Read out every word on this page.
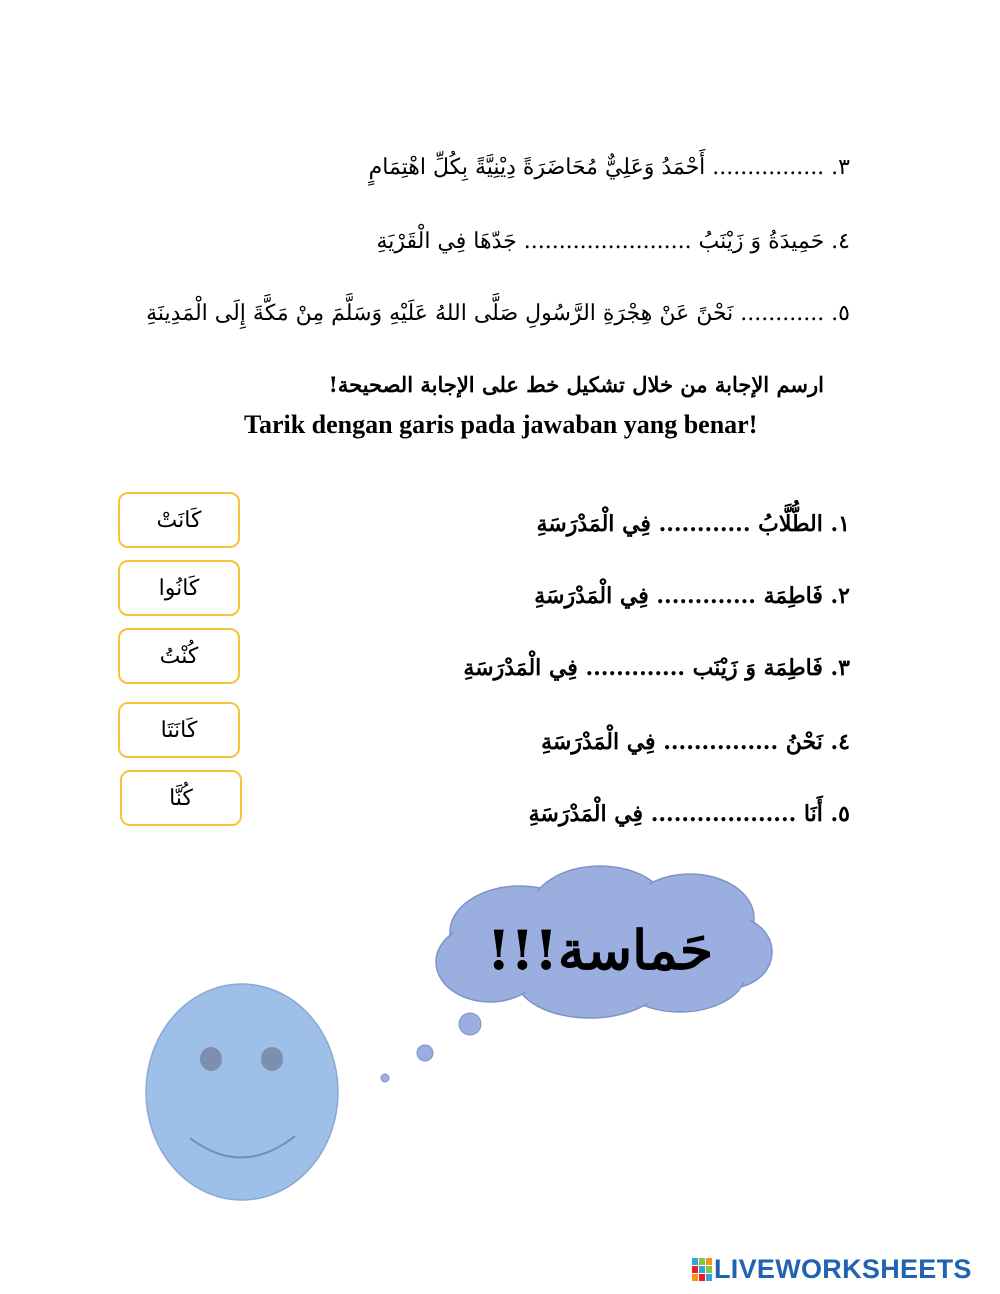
٣. ................ أَحْمَدُ وَعَلِيٌّ مُحَاضَرَةً دِيْنِيَّةً بِكُلِّ اهْتِمَامٍ
٤. حَمِيدَةُ وَ زَيْنَبُ ........................ جَدّهَا فِي الْقَرْيَةِ
٥. ............ نَحْنً عَنْ هِجْرَةِ الرَّسُولِ صَلَّى اللهُ عَلَيْهِ وَسَلَّمَ مِنْ مَكَّةَ إِلَى الْمَدِينَةِ
ارسم الإجابة من خلال تشكيل خط على الإجابة الصحيحة!
Tarik dengan garis pada jawaban yang benar!
١. الطُّلَّابُ ............ فِي الْمَدْرَسَةِ
٢. فَاطِمَة ............. فِي الْمَدْرَسَةِ
٣. فَاطِمَة وَ زَيْنَب ............. فِي الْمَدْرَسَةِ
٤. نَحْنُ ............... فِي الْمَدْرَسَةِ
٥. أَنَا ................... فِي الْمَدْرَسَةِ
كَانَتْ
كَانُوا
كُنْتُ
كَانَتَا
كُنَّا
حَماسة!!!
LIVEWORKSHEETS
